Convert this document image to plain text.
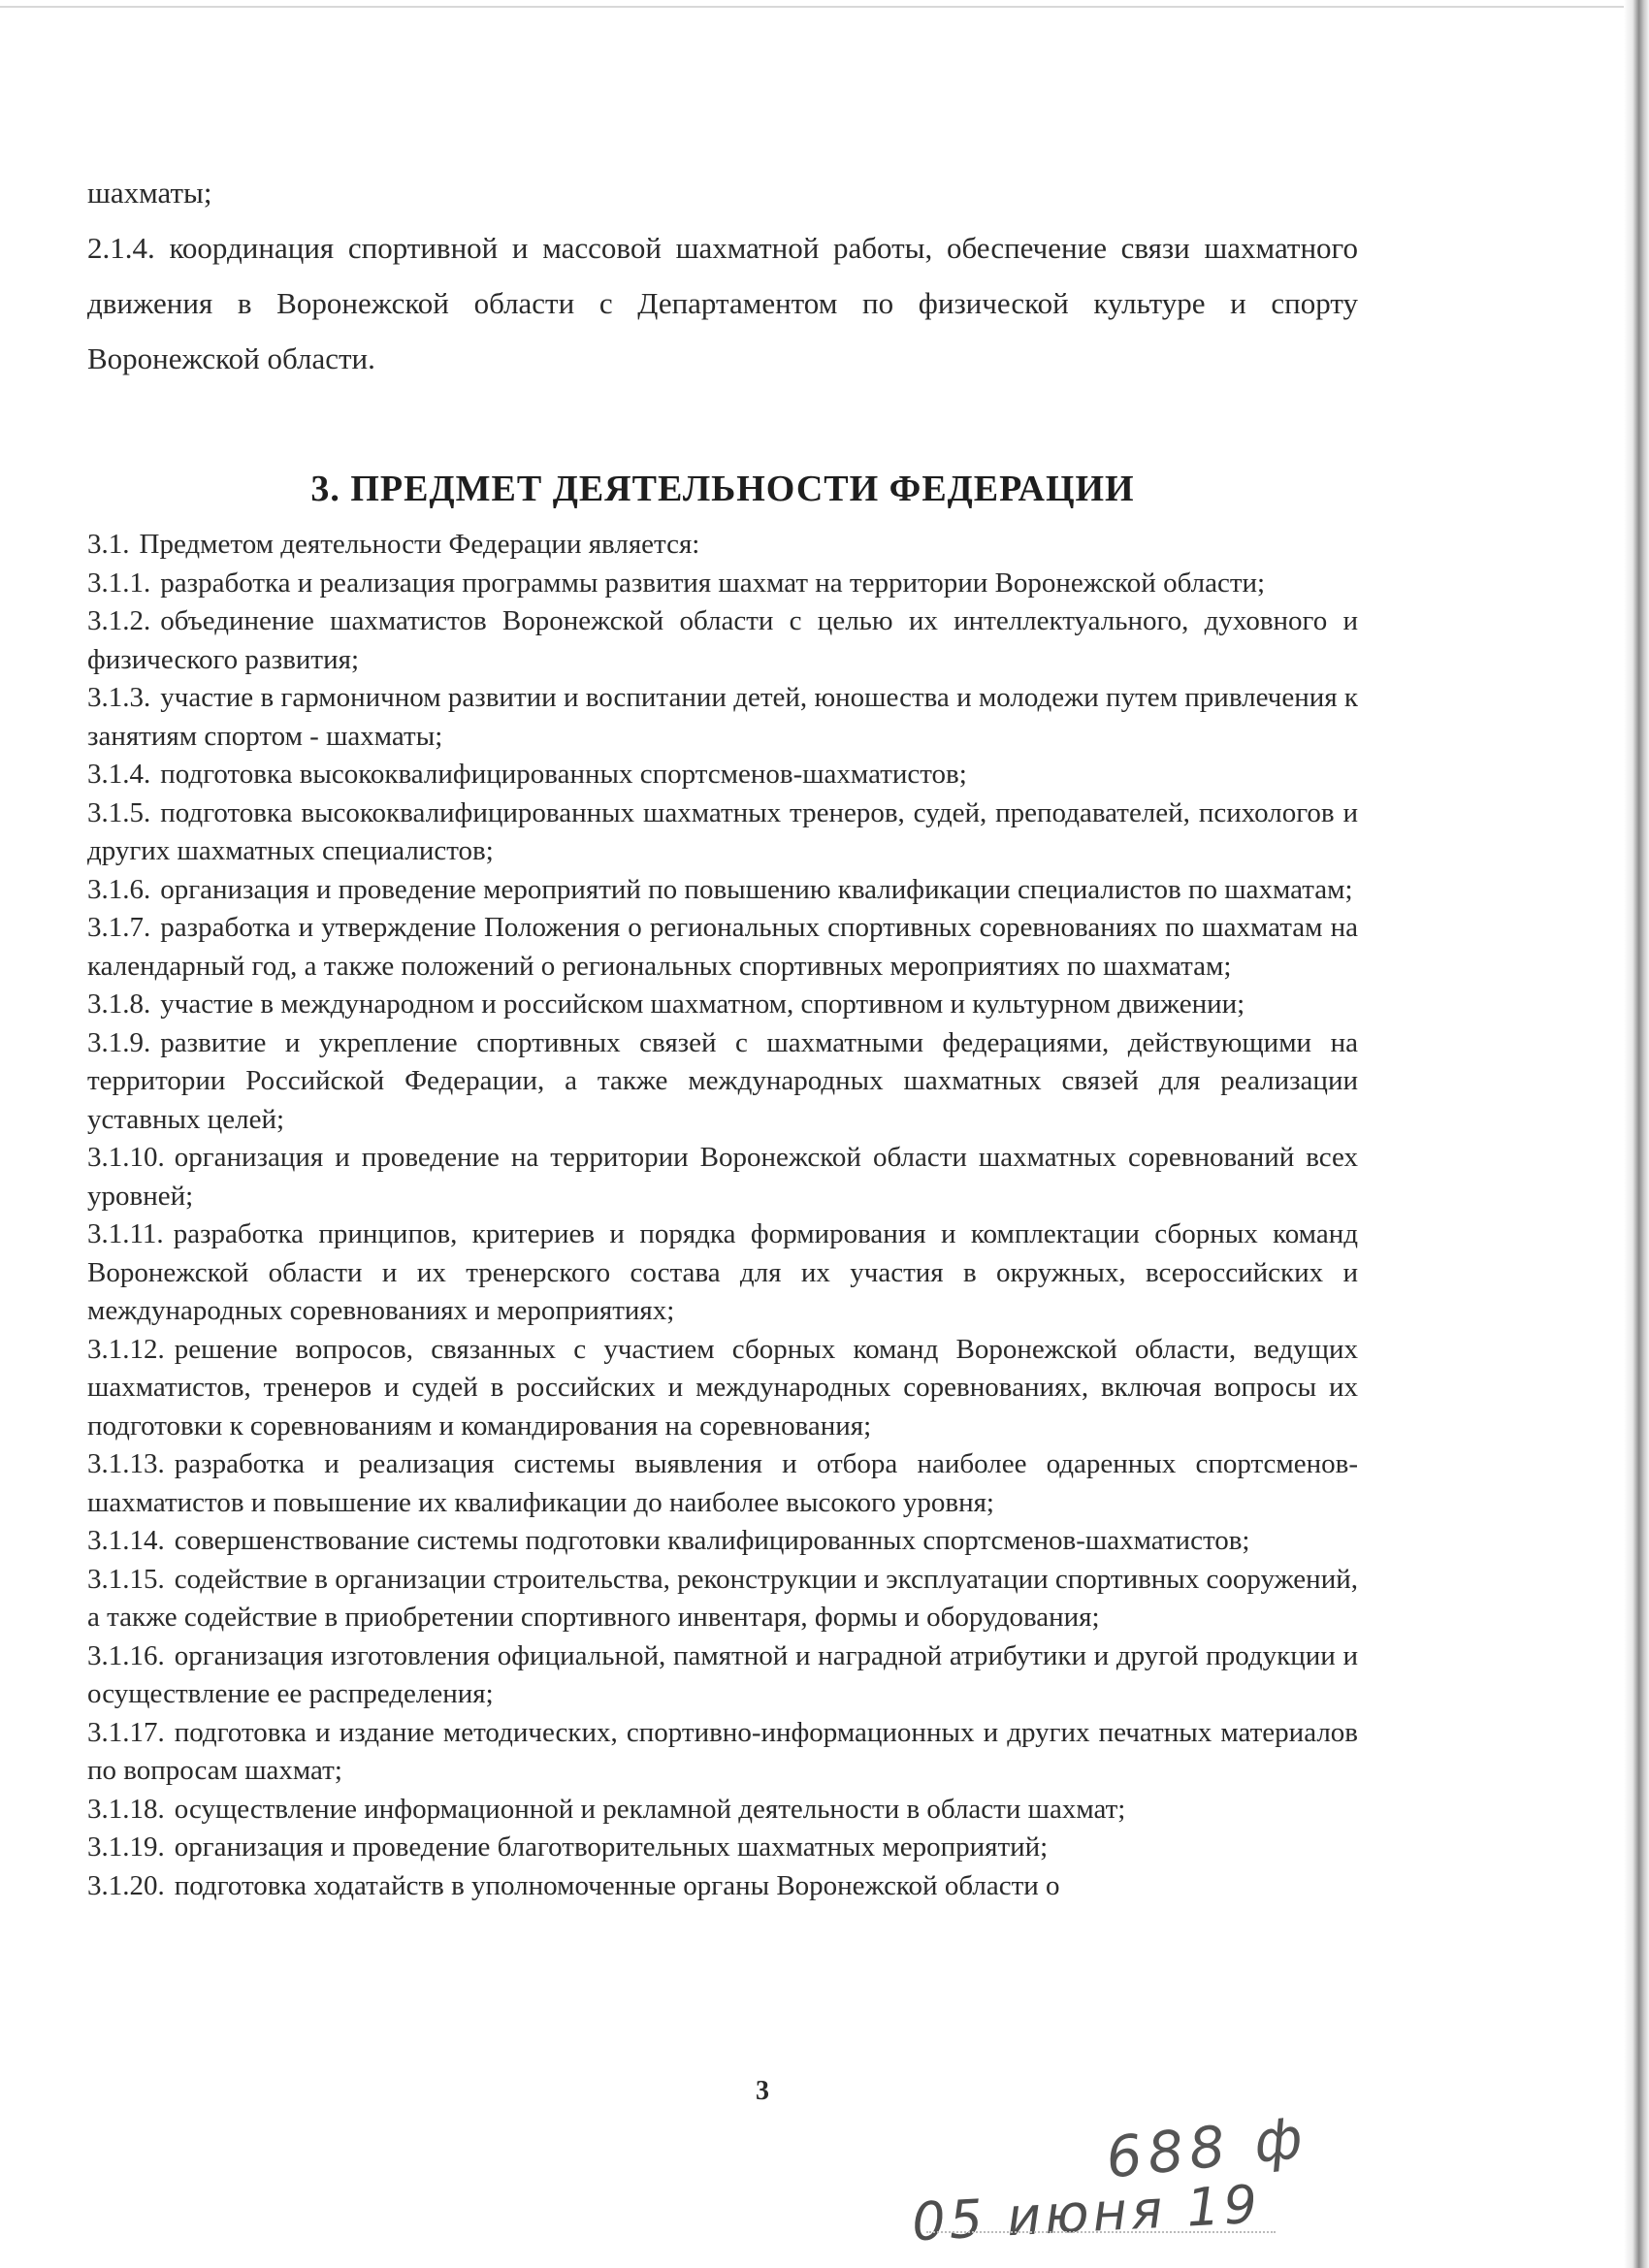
шахматы;

2.1.4. координация спортивной и массовой шахматной работы, обеспечение связи шахматного движения в Воронежской области с Департаментом по физической культуре и спорту Воронежской области.

3. ПРЕДМЕТ ДЕЯТЕЛЬНОСТИ ФЕДЕРАЦИИ

3.1. Предметом деятельности Федерации является:

3.1.1. разработка и реализация программы развития шахмат на территории Воронежской области;

3.1.2. объединение шахматистов Воронежской области с целью их интеллектуального, духовного и физического развития;

3.1.3. участие в гармоничном развитии и воспитании детей, юношества и молодежи путем привлечения к занятиям спортом - шахматы;

3.1.4. подготовка высококвалифицированных спортсменов-шахматистов;

3.1.5. подготовка высококвалифицированных шахматных тренеров, судей, преподавателей, психологов и других шахматных специалистов;

3.1.6. организация и проведение мероприятий по повышению квалификации специалистов по шахматам;

3.1.7. разработка и утверждение Положения о региональных спортивных соревнованиях по шахматам на календарный год, а также положений о региональных спортивных мероприятиях по шахматам;

3.1.8. участие в международном и российском шахматном, спортивном и культурном движении;

3.1.9. развитие и укрепление спортивных связей с шахматными федерациями, действующими на территории Российской Федерации, а также международных шахматных связей для реализации уставных целей;

3.1.10. организация и проведение на территории Воронежской области шахматных соревнований всех уровней;

3.1.11. разработка принципов, критериев и порядка формирования и комплектации сборных команд Воронежской области и их тренерского состава для их участия в окружных, всероссийских и международных соревнованиях и мероприятиях;

3.1.12. решение вопросов, связанных с участием сборных команд Воронежской области, ведущих шахматистов, тренеров и судей в российских и международных соревнованиях, включая вопросы их подготовки к соревнованиям и командирования на соревнования;

3.1.13. разработка и реализация системы выявления и отбора наиболее одаренных спортсменов-шахматистов и повышение их квалификации до наиболее высокого уровня;

3.1.14. совершенствование системы подготовки квалифицированных спортсменов-шахматистов;

3.1.15. содействие в организации строительства, реконструкции и эксплуатации спортивных сооружений, а также содействие в приобретении спортивного инвентаря, формы и оборудования;

3.1.16. организация изготовления официальной, памятной и наградной атрибутики и другой продукции и осуществление ее распределения;

3.1.17. подготовка и издание методических, спортивно-информационных и других печатных материалов по вопросам шахмат;

3.1.18. осуществление информационной и рекламной деятельности в области шахмат;

3.1.19. организация и проведение благотворительных шахматных мероприятий;

3.1.20. подготовка ходатайств в уполномоченные органы Воронежской области о

3
688 ф
05 июня 19
